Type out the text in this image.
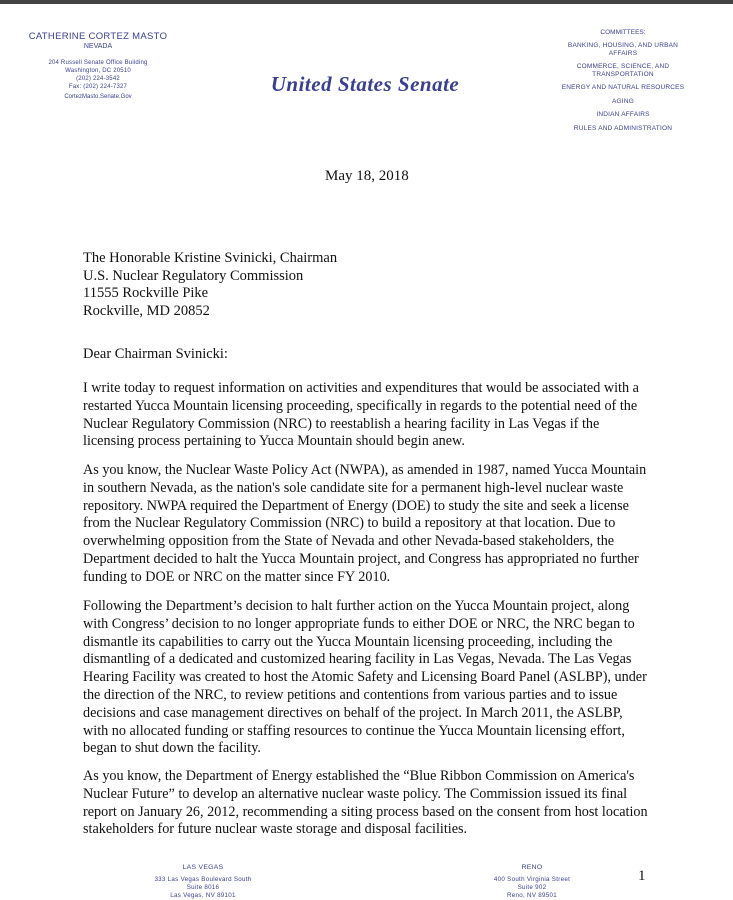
CATHERINE CORTEZ MASTO
NEVADA
204 Russell Senate Office Building
Washington, DC 20510
(202) 224-3542
Fax: (202) 224-7327
CortezMasto.Senate.Gov
United States Senate
COMMITTEES:
BANKING, HOUSING, AND URBAN AFFAIRS
COMMERCE, SCIENCE, AND TRANSPORTATION
ENERGY AND NATURAL RESOURCES
AGING
INDIAN AFFAIRS
RULES AND ADMINISTRATION
May 18, 2018
The Honorable Kristine Svinicki, Chairman
U.S. Nuclear Regulatory Commission
11555 Rockville Pike
Rockville, MD 20852
Dear Chairman Svinicki:

I write today to request information on activities and expenditures that would be associated with a restarted Yucca Mountain licensing proceeding, specifically in regards to the potential need of the Nuclear Regulatory Commission (NRC) to reestablish a hearing facility in Las Vegas if the licensing process pertaining to Yucca Mountain should begin anew.

As you know, the Nuclear Waste Policy Act (NWPA), as amended in 1987, named Yucca Mountain in southern Nevada, as the nation's sole candidate site for a permanent high-level nuclear waste repository. NWPA required the Department of Energy (DOE) to study the site and seek a license from the Nuclear Regulatory Commission (NRC) to build a repository at that location. Due to overwhelming opposition from the State of Nevada and other Nevada-based stakeholders, the Department decided to halt the Yucca Mountain project, and Congress has appropriated no further funding to DOE or NRC on the matter since FY 2010.

Following the Department’s decision to halt further action on the Yucca Mountain project, along with Congress’ decision to no longer appropriate funds to either DOE or NRC, the NRC began to dismantle its capabilities to carry out the Yucca Mountain licensing proceeding, including the dismantling of a dedicated and customized hearing facility in Las Vegas, Nevada. The Las Vegas Hearing Facility was created to host the Atomic Safety and Licensing Board Panel (ASLBP), under the direction of the NRC, to review petitions and contentions from various parties and to issue decisions and case management directives on behalf of the project. In March 2011, the ASLBP, with no allocated funding or staffing resources to continue the Yucca Mountain licensing effort, began to shut down the facility.

As you know, the Department of Energy established the “Blue Ribbon Commission on America's Nuclear Future” to develop an alternative nuclear waste policy. The Commission issued its final report on January 26, 2012, recommending a siting process based on the consent from host location stakeholders for future nuclear waste storage and disposal facilities.

LAS VEGAS
333 Las Vegas Boulevard South
Suite 8016
Las Vegas, NV 89101
RENO
400 South Virginia Street
Suite 902
Reno, NV 89501
1
